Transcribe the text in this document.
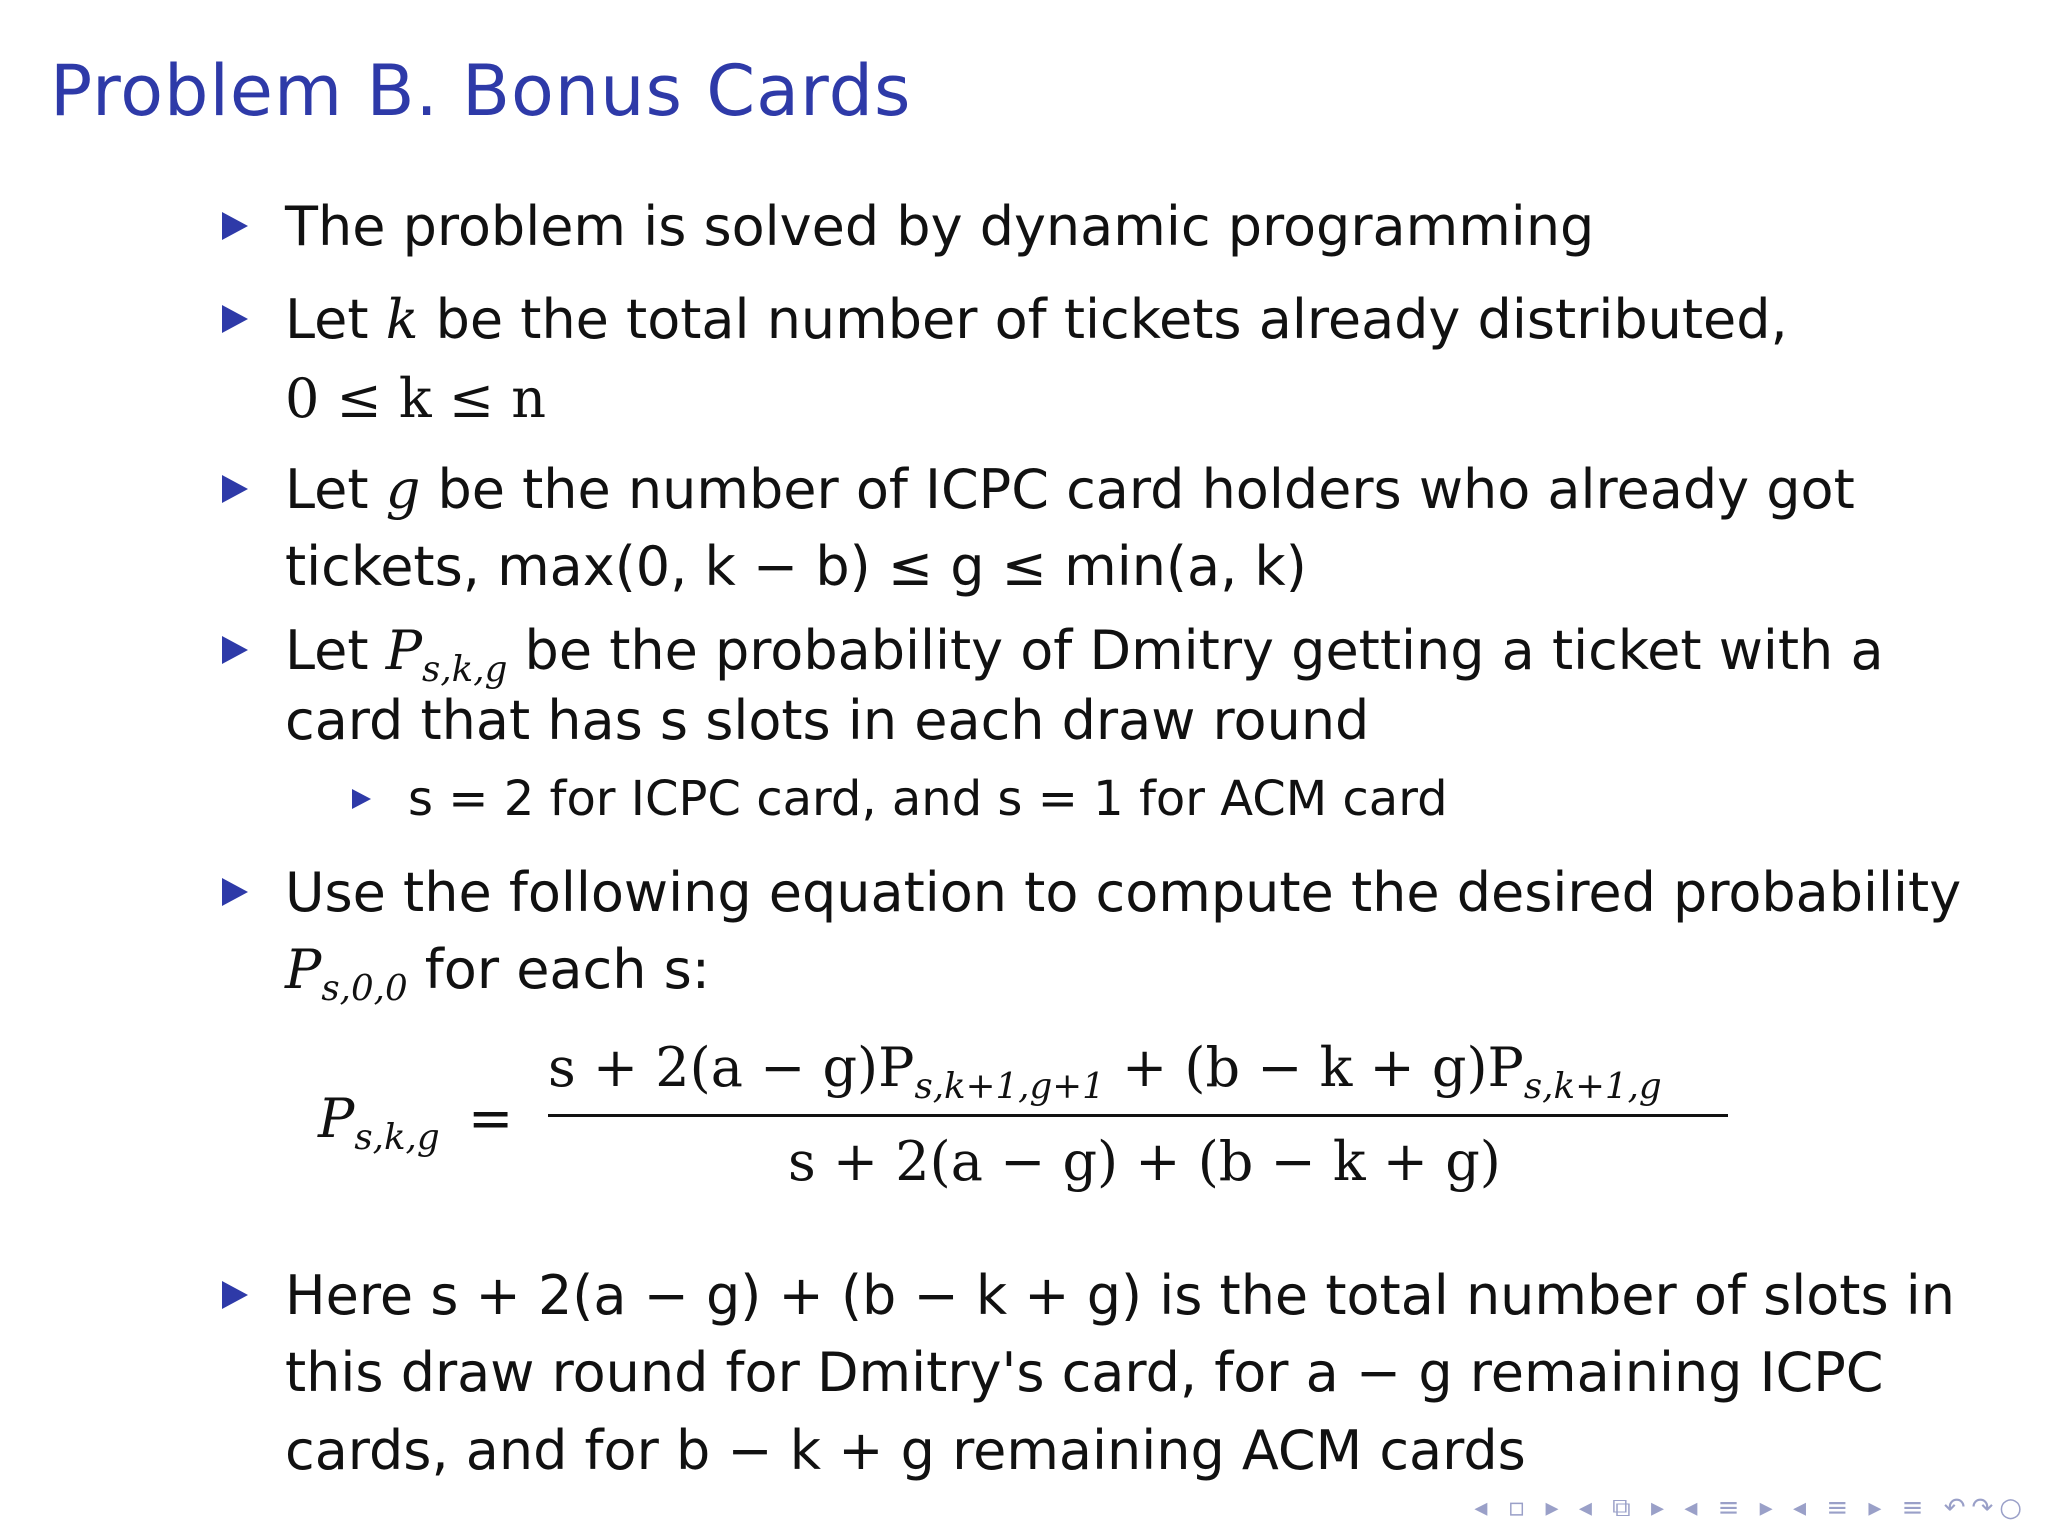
Problem B. Bonus Cards
The problem is solved by dynamic programming
Let k be the total number of tickets already distributed,
0 ≤ k ≤ n
Let g be the number of ICPC card holders who already got
tickets, max(0, k − b) ≤ g ≤ min(a, k)
Let $P_{s,k,g}$ be the probability of Dmitry getting a ticket with a
card that has s slots in each draw round
s = 2 for ICPC card, and s = 1 for ACM card
Use the following equation to compute the desired probability
$P_{s,0,0}$ for each s:
$P_{s,k,g}$ =
$s + 2(a - g)P_{s,k+1,g+1} + (b - k + g)P_{s,k+1,g}$
s + 2(a − g) + (b − k + g)
Here s + 2(a − g) + (b − k + g) is the total number of slots in
this draw round for Dmitry's card, for a − g remaining ICPC
cards, and for b − k + g remaining ACM cards
◂ ▫ ▸ ◂ ⧉ ▸ ◂ ≡ ▸ ◂ ≡ ▸ ≡ ↶↷○
